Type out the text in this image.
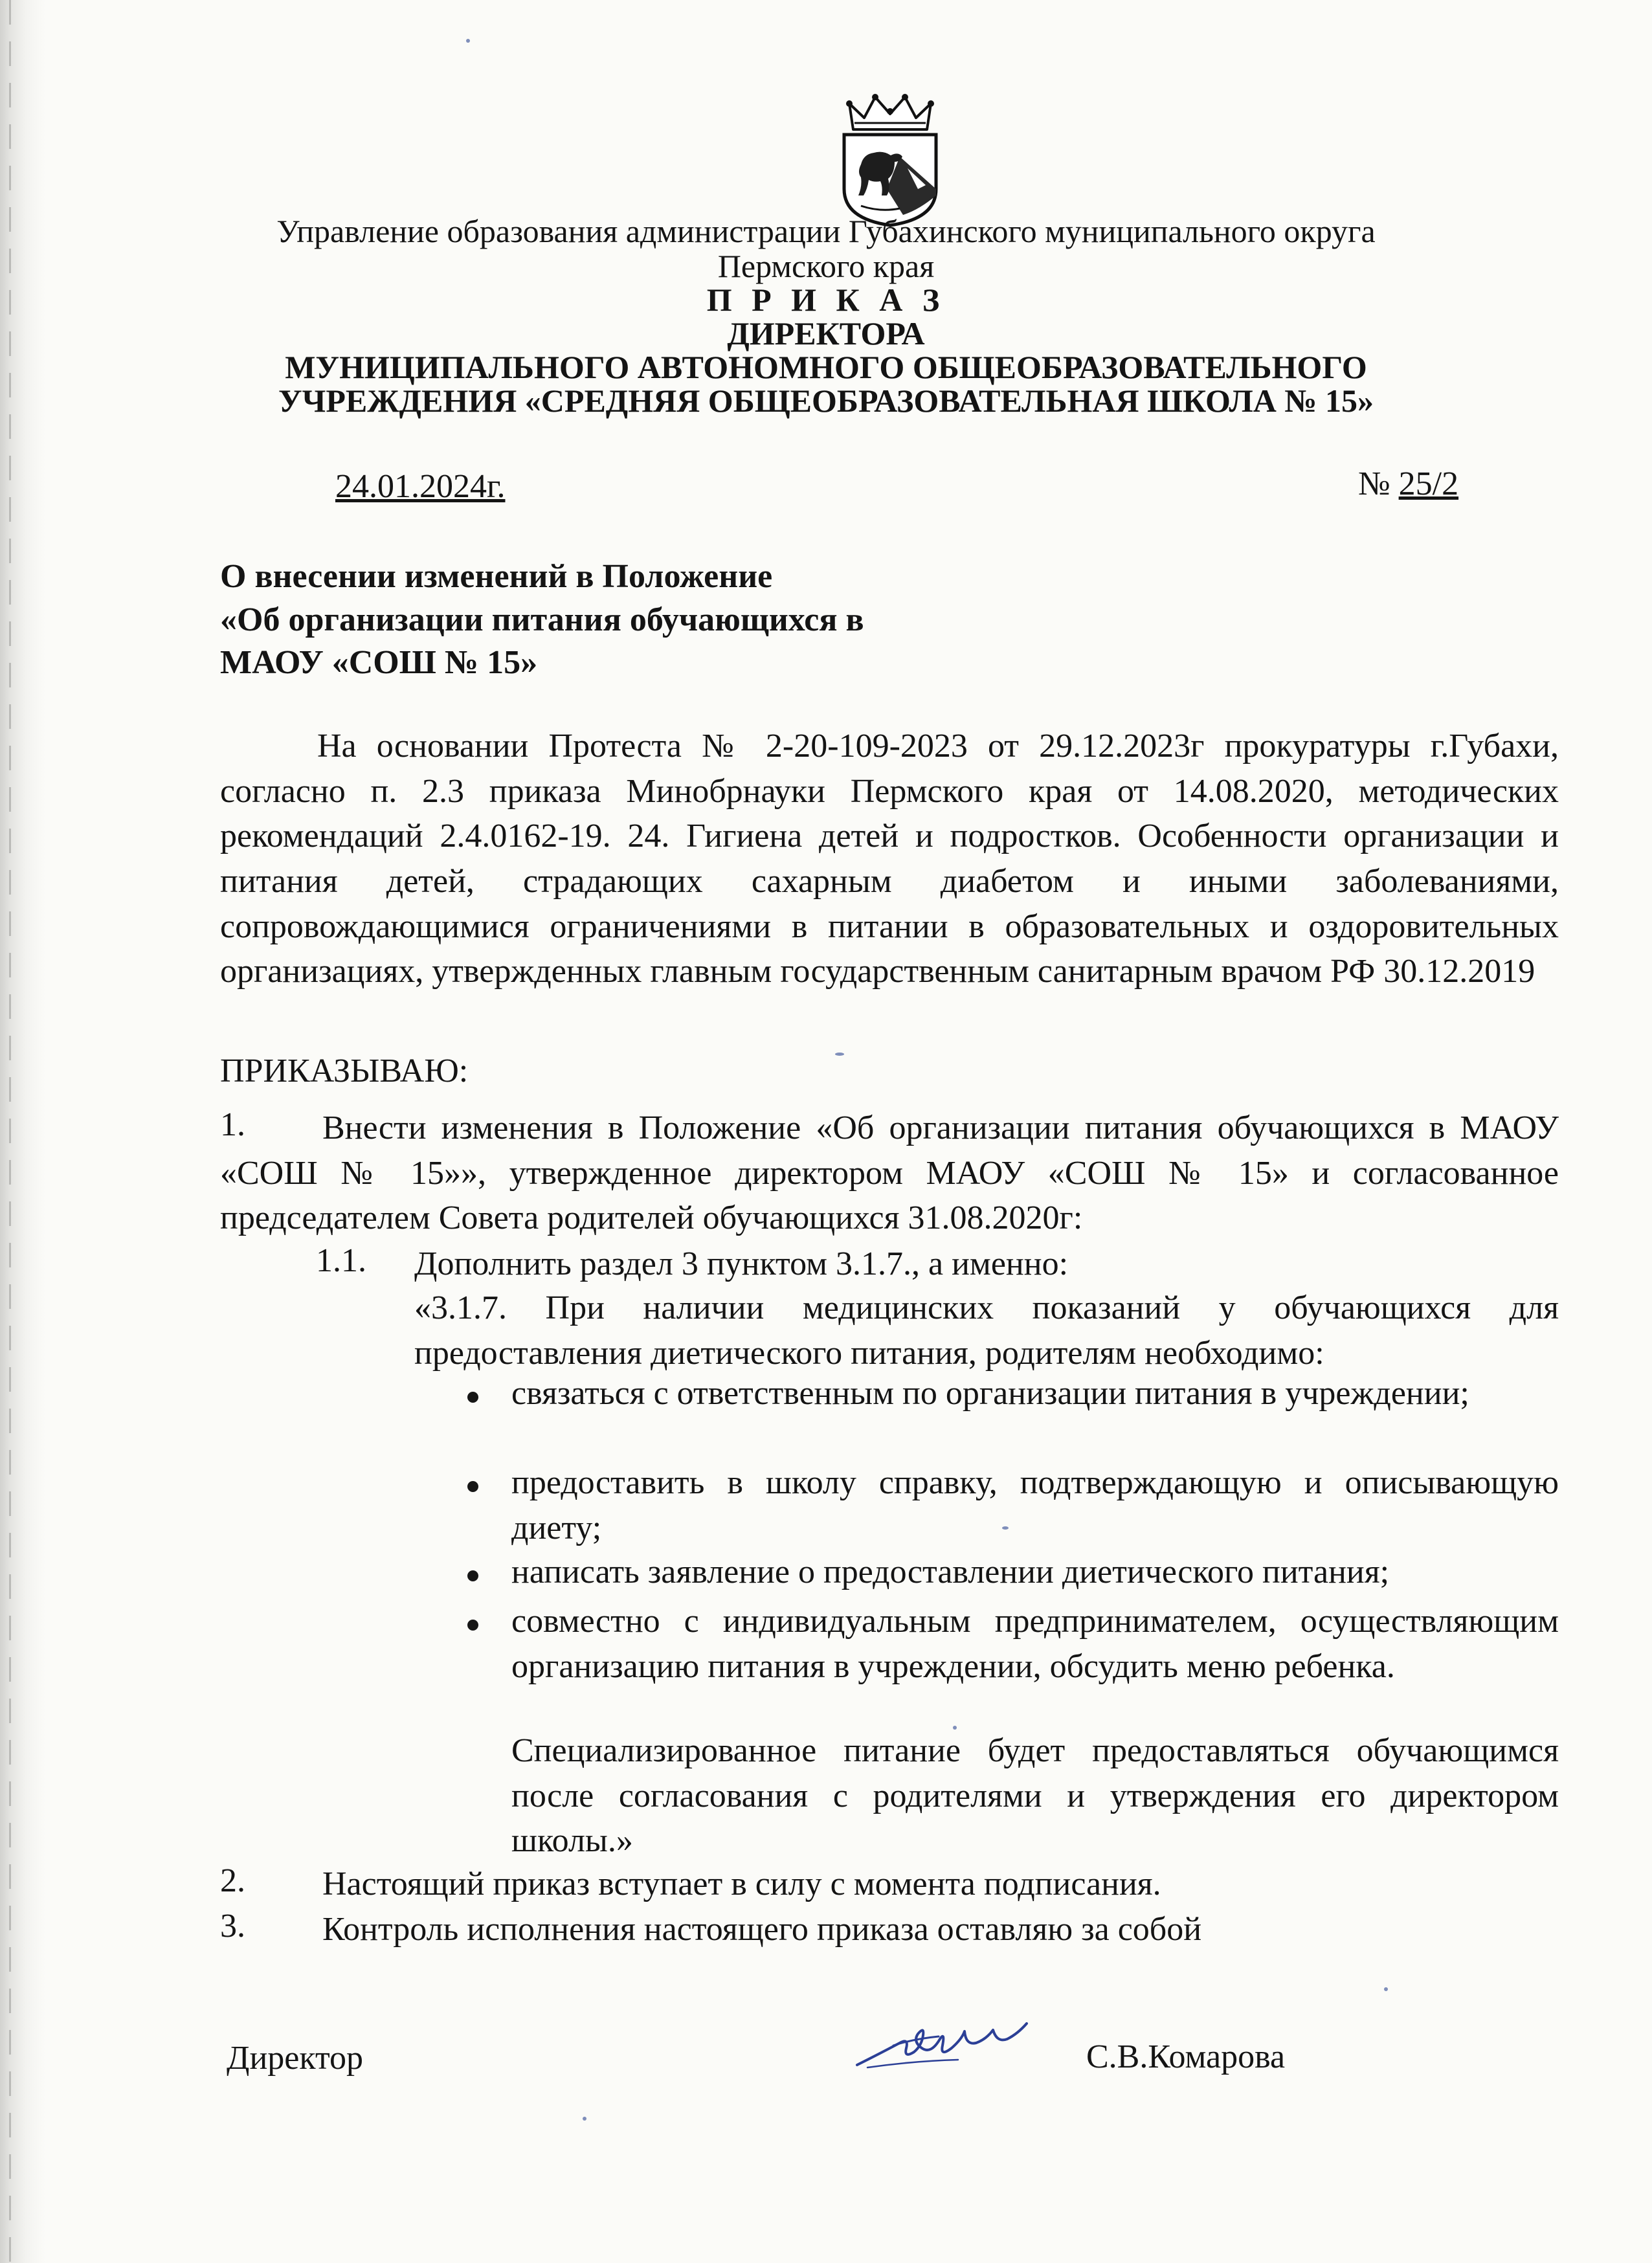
Управление образования администрации Губахинского муниципального округа
Пермского края
П Р И К А З
ДИРЕКТОРА
МУНИЦИПАЛЬНОГО АВТОНОМНОГО ОБЩЕОБРАЗОВАТЕЛЬНОГО
УЧРЕЖДЕНИЯ «СРЕДНЯЯ ОБЩЕОБРАЗОВАТЕЛЬНАЯ ШКОЛА № 15»
24.01.2024г.	№ 25/2
О внесении изменений в Положение
«Об организации питания обучающихся в
МАОУ «СОШ № 15»
На основании Протеста № 2-20-109-2023 от 29.12.2023г прокуратуры г.Губахи, согласно п. 2.3 приказа Минобрнауки Пермского края от 14.08.2020, методических рекомендаций 2.4.0162-19. 24. Гигиена детей и подростков. Особенности организации и питания детей, страдающих сахарным диабетом и иными заболеваниями, сопровождающимися ограничениями в питании в образовательных и оздоровительных организациях, утвержденных главным государственным санитарным врачом РФ 30.12.2019
ПРИКАЗЫВАЮ:
1.	Внести изменения в Положение «Об организации питания обучающихся в МАОУ «СОШ № 15»», утвержденное директором МАОУ «СОШ № 15» и согласованное председателем Совета родителей обучающихся 31.08.2020г:
1.1. Дополнить раздел 3 пунктом 3.1.7., а именно:
«3.1.7. При наличии медицинских показаний у обучающихся для предоставления диетического питания, родителям необходимо:
связаться с ответственным по организации питания в учреждении;
предоставить в школу справку, подтверждающую и описывающую диету;
написать заявление о предоставлении диетического питания;
совместно с индивидуальным предпринимателем, осуществляющим организацию питания в учреждении, обсудить меню ребенка.
Специализированное питание будет предоставляться обучающимся после согласования с родителями и утверждения его директором школы.»
2. Настоящий приказ вступает в силу с момента подписания.
3. Контроль исполнения настоящего приказа оставляю за собой
Директор	С.В.Комарова
